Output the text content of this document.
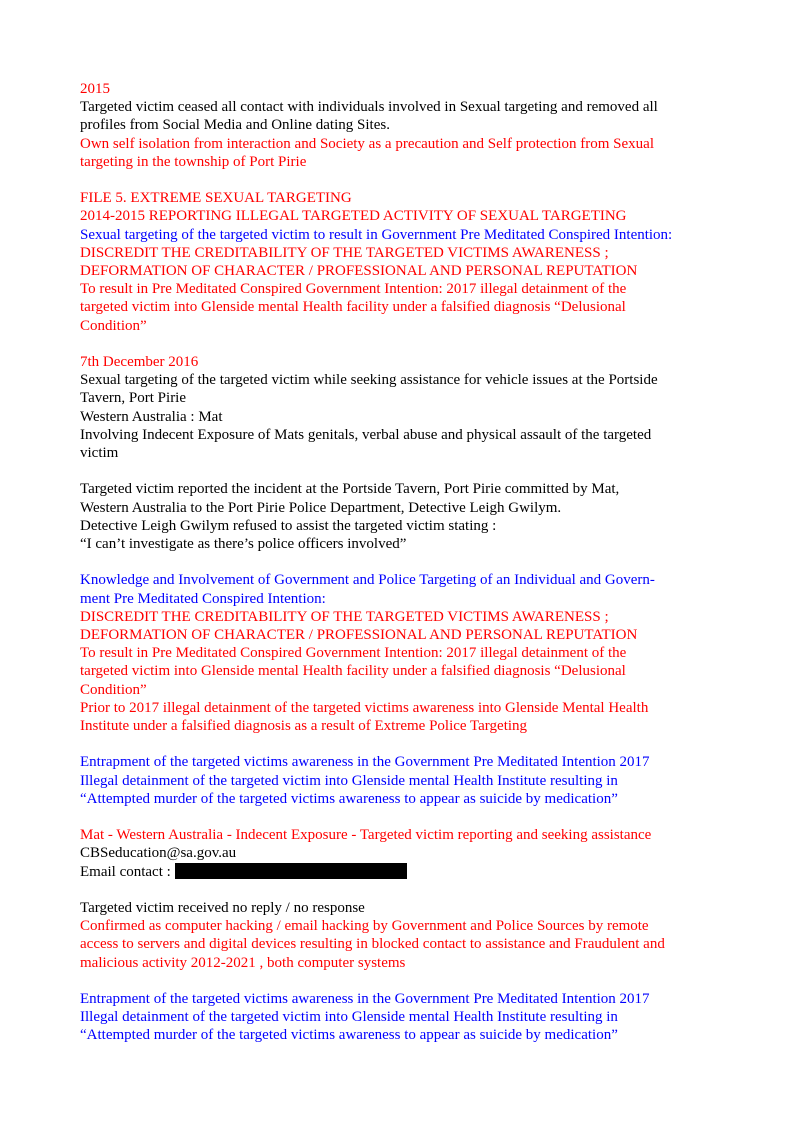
2015
Targeted victim ceased all contact with individuals involved in Sexual targeting and removed all
profiles from Social Media and Online dating Sites.
Own self isolation from interaction and Society as a precaution and Self protection from Sexual
targeting in the township of Port Pirie
FILE 5. EXTREME SEXUAL TARGETING
2014-2015 REPORTING ILLEGAL TARGETED ACTIVITY OF SEXUAL TARGETING
Sexual targeting of the targeted victim to result in Government Pre Meditated Conspired Intention:
DISCREDIT THE CREDITABILITY OF THE TARGETED VICTIMS AWARENESS ;
DEFORMATION OF CHARACTER / PROFESSIONAL AND PERSONAL REPUTATION
To result in Pre Meditated Conspired Government Intention: 2017 illegal detainment of the
targeted victim into Glenside mental Health facility under a falsified diagnosis “Delusional
Condition”
7th December 2016
Sexual targeting of the targeted victim while seeking assistance for vehicle issues at the Portside
Tavern, Port Pirie
Western Australia : Mat
Involving Indecent Exposure of Mats genitals, verbal abuse and physical assault of the targeted
victim
Targeted victim reported the incident at the Portside Tavern, Port Pirie committed by Mat,
Western Australia to the Port Pirie Police Department, Detective Leigh Gwilym.
Detective Leigh Gwilym refused to assist the targeted victim stating :
“I can’t investigate as there’s police officers involved”
Knowledge and Involvement of Government and Police Targeting of an Individual and Govern-
ment Pre Meditated Conspired Intention:
DISCREDIT THE CREDITABILITY OF THE TARGETED VICTIMS AWARENESS ;
DEFORMATION OF CHARACTER / PROFESSIONAL AND PERSONAL REPUTATION
To result in Pre Meditated Conspired Government Intention: 2017 illegal detainment of the
targeted victim into Glenside mental Health facility under a falsified diagnosis “Delusional
Condition”
Prior to 2017 illegal detainment of the targeted victims awareness into Glenside Mental Health
Institute under a falsified diagnosis as a result of Extreme Police Targeting
Entrapment of the targeted victims awareness in the Government Pre Meditated Intention 2017
Illegal detainment of the targeted victim into Glenside mental Health Institute resulting in
“Attempted murder of the targeted victims awareness to appear as suicide by medication”
Mat - Western Australia - Indecent Exposure - Targeted victim reporting and seeking assistance
CBSeducation@sa.gov.au
Email contact :
Targeted victim received no reply / no response
Confirmed as computer hacking / email hacking by Government and Police Sources by remote
access to servers and digital devices resulting in blocked contact to assistance and Fraudulent and
malicious activity 2012-2021 , both computer systems
Entrapment of the targeted victims awareness in the Government Pre Meditated Intention 2017
Illegal detainment of the targeted victim into Glenside mental Health Institute resulting in
“Attempted murder of the targeted victims awareness to appear as suicide by medication”
